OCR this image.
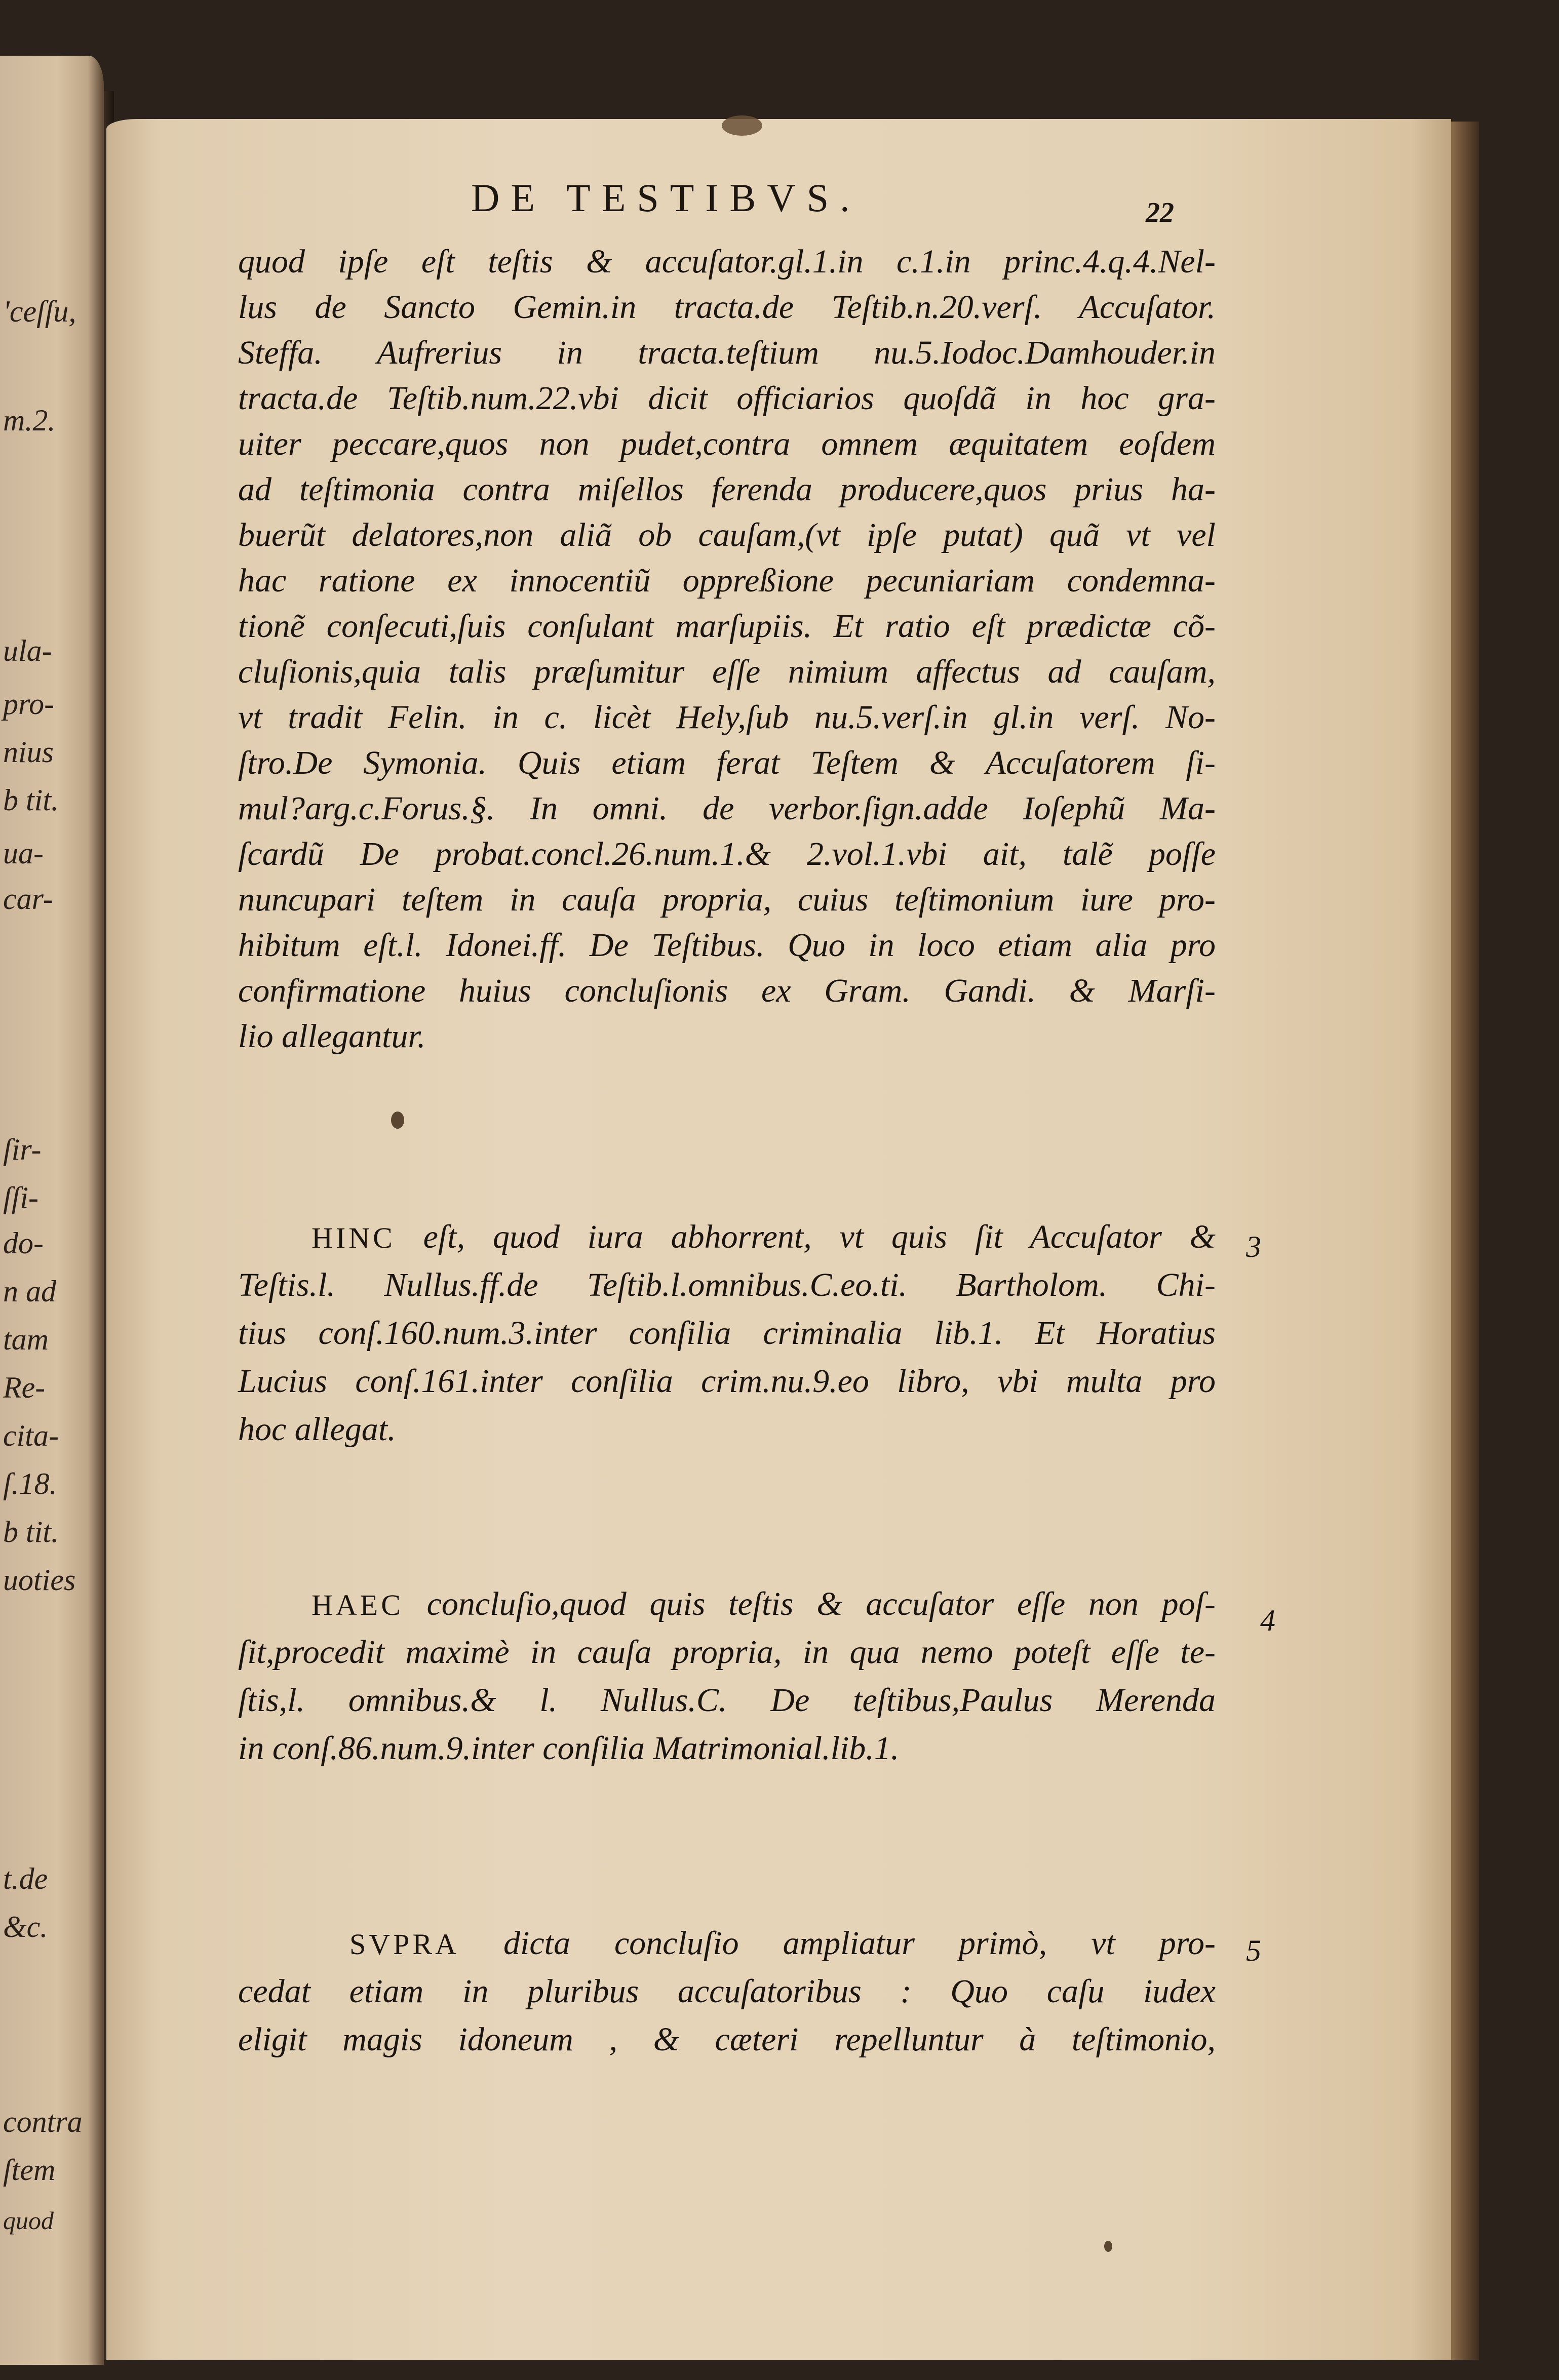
'ceſſu,
m.2.
ula-
pro-
nius
b tit.
ua-
car-
ſir-
ſſi-
do-
n ad
tam
Re-
cita-
ſ.18.
b tit.
uoties
t.de
&c.
contra
ſtem
quod
DE TESTIBVS.	22
quod ipſe eſt teſtis & accuſator.gl.1.in c.1.in princ.4.q.4.Nel-
lus de Sancto Gemin.in tracta.de Teſtib.n.20.verſ. Accuſator.
Steffa. Aufrerius in tracta.teſtium nu.5.Iodoc.Damhouder.in
tracta.de Teſtib.num.22.vbi dicit officiarios quoſdã in hoc gra-
uiter peccare,quos non pudet,contra omnem æquitatem eoſdem
ad teſtimonia contra miſellos ferenda producere,quos prius ha-
buerũt delatores,non aliã ob cauſam,(vt ipſe putat) quã vt vel
hac ratione ex innocentiũ oppreßione pecuniariam condemna-
tionẽ conſecuti,ſuis conſulant marſupiis. Et ratio eſt prædictæ cõ-
cluſionis,quia talis præſumitur eſſe nimium affectus ad cauſam,
vt tradit Felin. in c. licèt Hely,ſub nu.5.verſ.in gl.in verſ. No-
ſtro.De Symonia. Quis etiam ferat Teſtem & Accuſatorem ſi-
mul?arg.c.Forus.§. In omni. de verbor.ſign.adde Ioſephũ Ma-
ſcardũ De probat.concl.26.num.1.& 2.vol.1.vbi ait, talẽ poſſe
nuncupari teſtem in cauſa propria, cuius teſtimonium iure pro-
hibitum eſt.l. Idonei.ff. De Teſtibus. Quo in loco etiam alia pro
confirmatione huius concluſionis ex Gram. Gandi. & Marſi-
lio allegantur.
HINC eſt, quod iura abhorrent, vt quis ſit Accuſator &
Teſtis.l. Nullus.ff.de Teſtib.l.omnibus.C.eo.ti. Bartholom. Chi-
tius conſ.160.num.3.inter conſilia criminalia lib.1. Et Horatius
Lucius conſ.161.inter conſilia crim.nu.9.eo libro, vbi multa pro
hoc allegat.
3
HAEC concluſio,quod quis teſtis & accuſator eſſe non poſ-
ſit,procedit maximè in cauſa propria, in qua nemo poteſt eſſe te-
ſtis,l. omnibus.& l. Nullus.C. De teſtibus,Paulus Merenda
in conſ.86.num.9.inter conſilia Matrimonial.lib.1.
4
SVPRA dicta concluſio ampliatur primò, vt pro-
cedat etiam in pluribus accuſatoribus : Quo caſu iudex
eligit magis idoneum , & cæteri repelluntur à teſtimonio,
5
